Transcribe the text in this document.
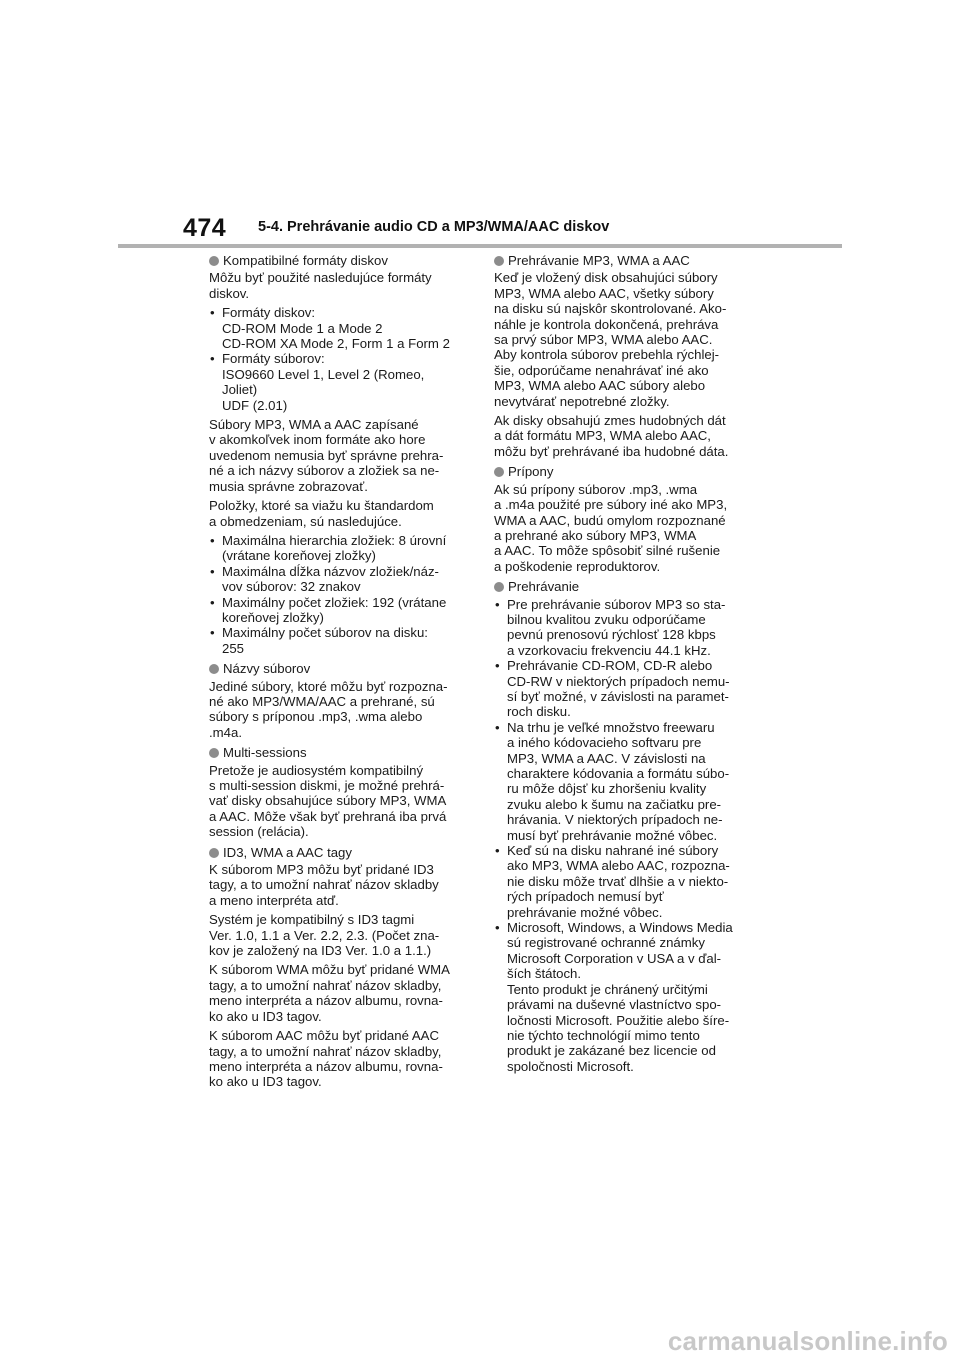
474 5-4. Prehrávanie audio CD a MP3/WMA/AAC diskov
Kompatibilné formáty diskov
Môžu byť použité nasledujúce formáty
diskov.
• Formáty diskov:
CD-ROM Mode 1 a Mode 2
CD-ROM XA Mode 2, Form 1 a Form 2
• Formáty súborov:
ISO9660 Level 1, Level 2 (Romeo,
Joliet)
UDF (2.01)
Súbory MP3, WMA a AAC zapísané
v akomkoľvek inom formáte ako hore
uvedenom nemusia byť správne prehra-
né a ich názvy súborov a zložiek sa ne-
musia správne zobrazovať.
Položky, ktoré sa viažu ku štandardom
a obmedzeniam, sú nasledujúce.
• Maximálna hierarchia zložiek: 8 úrovní
(vrátane koreňovej zložky)
• Maximálna dĺžka názvov zložiek/náz-
vov súborov: 32 znakov
• Maximálny počet zložiek: 192 (vrátane
koreňovej zložky)
• Maximálny počet súborov na disku:
255
Názvy súborov
Jediné súbory, ktoré môžu byť rozpozna-
né ako MP3/WMA/AAC a prehrané, sú
súbory s príponou .mp3, .wma alebo
.m4a.
Multi-sessions
Pretože je audiosystém kompatibilný
s multi-session diskmi, je možné prehrá-
vať disky obsahujúce súbory MP3, WMA
a AAC. Môže však byť prehraná iba prvá
session (relácia).
ID3, WMA a AAC tagy
K súborom MP3 môžu byť pridané ID3
tagy, a to umožní nahrať názov skladby
a meno interpréta atď.
Systém je kompatibilný s ID3 tagmi
Ver. 1.0, 1.1 a Ver. 2.2, 2.3. (Počet zna-
kov je založený na ID3 Ver. 1.0 a 1.1.)
K súborom WMA môžu byť pridané WMA
tagy, a to umožní nahrať názov skladby,
meno interpréta a názov albumu, rovna-
ko ako u ID3 tagov.
K súborom AAC môžu byť pridané AAC
tagy, a to umožní nahrať názov skladby,
meno interpréta a názov albumu, rovna-
ko ako u ID3 tagov.
Prehrávanie MP3, WMA a AAC
Keď je vložený disk obsahujúci súbory
MP3, WMA alebo AAC, všetky súbory
na disku sú najskôr skontrolované. Ako-
náhle je kontrola dokončená, prehráva
sa prvý súbor MP3, WMA alebo AAC.
Aby kontrola súborov prebehla rýchlej-
šie, odporúčame nenahrávať iné ako
MP3, WMA alebo AAC súbory alebo
nevytvárať nepotrebné zložky.
Ak disky obsahujú zmes hudobných dát
a dát formátu MP3, WMA alebo AAC,
môžu byť prehrávané iba hudobné dáta.
Prípony
Ak sú prípony súborov .mp3, .wma
a .m4a použité pre súbory iné ako MP3,
WMA a AAC, budú omylom rozpoznané
a prehrané ako súbory MP3, WMA
a AAC. To môže spôsobiť silné rušenie
a poškodenie reproduktorov.
Prehrávanie
• Pre prehrávanie súborov MP3 so sta-
bilnou kvalitou zvuku odporúčame
pevnú prenosovú rýchlosť 128 kbps
a vzorkovaciu frekvenciu 44.1 kHz.
• Prehrávanie CD-ROM, CD-R alebo
CD-RW v niektorých prípadoch nemu-
sí byť možné, v závislosti na paramet-
roch disku.
• Na trhu je veľké množstvo freewaru
a iného kódovacieho softvaru pre
MP3, WMA a AAC. V závislosti na
charaktere kódovania a formátu súbo-
ru môže dôjsť ku zhoršeniu kvality
zvuku alebo k šumu na začiatku pre-
hrávania. V niektorých prípadoch ne-
musí byť prehrávanie možné vôbec.
• Keď sú na disku nahrané iné súbory
ako MP3, WMA alebo AAC, rozpozna-
nie disku môže trvať dlhšie a v niekto-
rých prípadoch nemusí byť
prehrávanie možné vôbec.
• Microsoft, Windows, a Windows Media
sú registrované ochranné známky
Microsoft Corporation v USA a v ďal-
ších štátoch.
Tento produkt je chránený určitými
právami na duševné vlastníctvo spo-
ločnosti Microsoft. Použitie alebo šíre-
nie týchto technológií mimo tento
produkt je zakázané bez licencie od
spoločnosti Microsoft.
carmanualsonline.info
